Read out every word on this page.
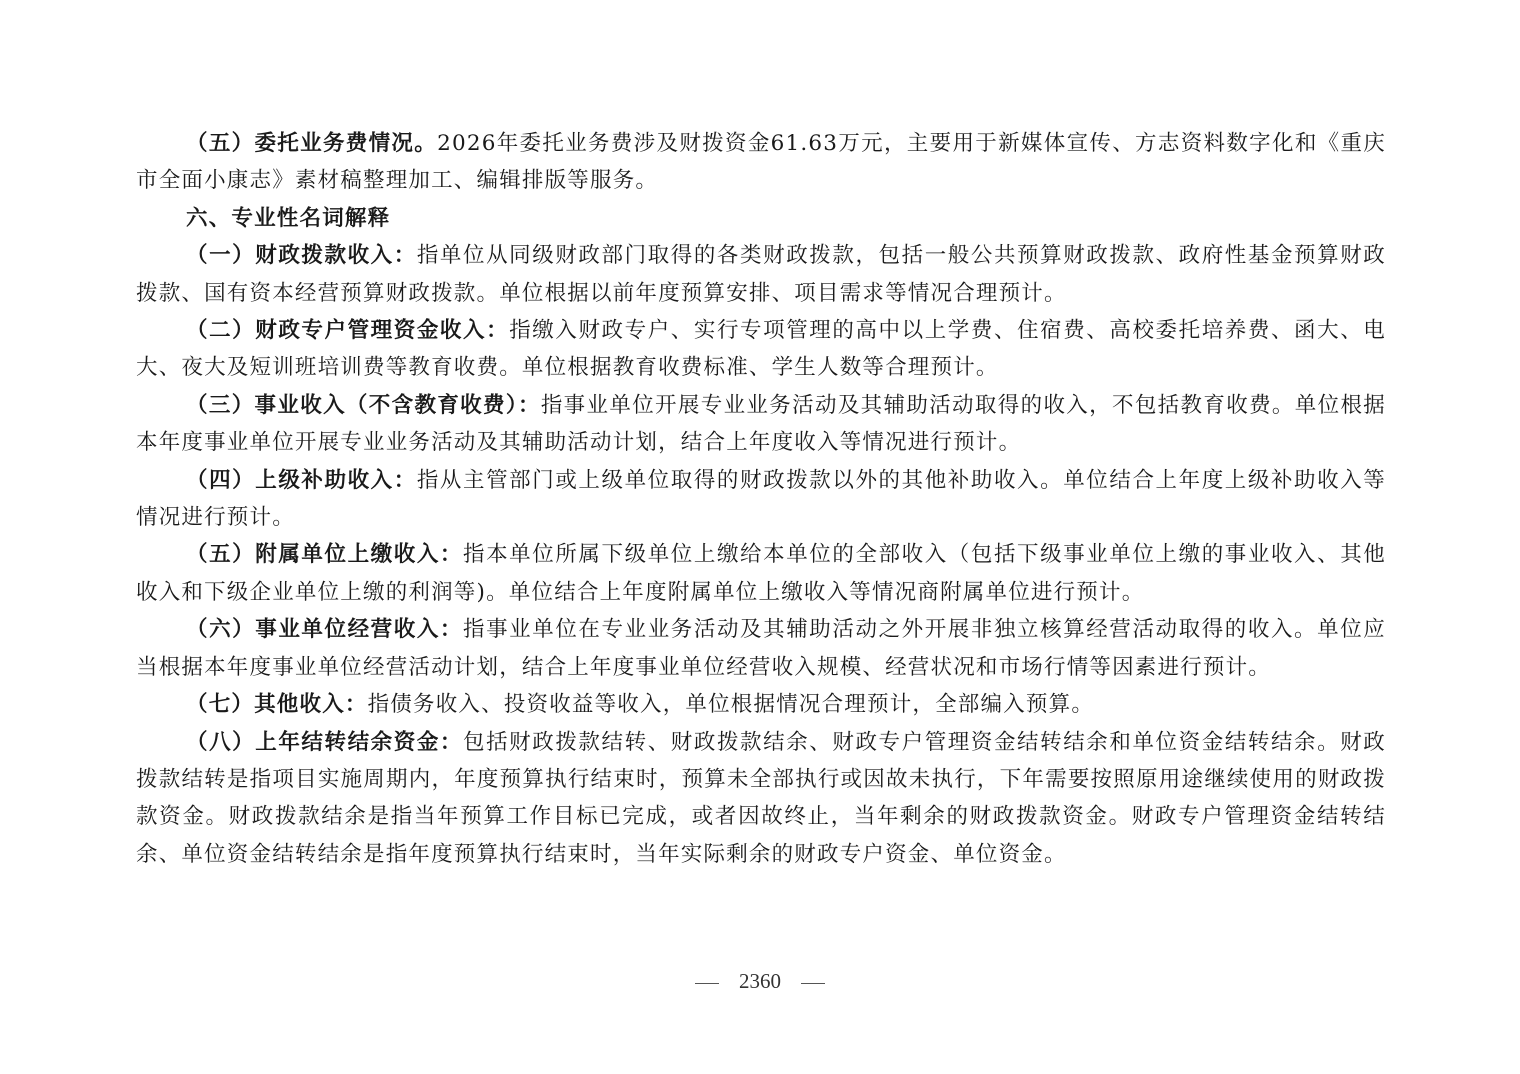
（五）委托业务费情况。2026年委托业务费涉及财拨资金61.63万元，主要用于新媒体宣传、方志资料数字化和《重庆市全面小康志》素材稿整理加工、编辑排版等服务。

六、专业性名词解释

（一）财政拨款收入：指单位从同级财政部门取得的各类财政拨款，包括一般公共预算财政拨款、政府性基金预算财政拨款、国有资本经营预算财政拨款。单位根据以前年度预算安排、项目需求等情况合理预计。

（二）财政专户管理资金收入：指缴入财政专户、实行专项管理的高中以上学费、住宿费、高校委托培养费、函大、电大、夜大及短训班培训费等教育收费。单位根据教育收费标准、学生人数等合理预计。

（三）事业收入（不含教育收费）：指事业单位开展专业业务活动及其辅助活动取得的收入，不包括教育收费。单位根据本年度事业单位开展专业业务活动及其辅助活动计划，结合上年度收入等情况进行预计。

（四）上级补助收入：指从主管部门或上级单位取得的财政拨款以外的其他补助收入。单位结合上年度上级补助收入等情况进行预计。

（五）附属单位上缴收入：指本单位所属下级单位上缴给本单位的全部收入（包括下级事业单位上缴的事业收入、其他收入和下级企业单位上缴的利润等)。单位结合上年度附属单位上缴收入等情况商附属单位进行预计。

（六）事业单位经营收入：指事业单位在专业业务活动及其辅助活动之外开展非独立核算经营活动取得的收入。单位应当根据本年度事业单位经营活动计划，结合上年度事业单位经营收入规模、经营状况和市场行情等因素进行预计。

（七）其他收入：指债务收入、投资收益等收入，单位根据情况合理预计，全部编入预算。

（八）上年结转结余资金：包括财政拨款结转、财政拨款结余、财政专户管理资金结转结余和单位资金结转结余。财政拨款结转是指项目实施周期内，年度预算执行结束时，预算未全部执行或因故未执行，下年需要按照原用途继续使用的财政拨款资金。财政拨款结余是指当年预算工作目标已完成，或者因故终止，当年剩余的财政拨款资金。财政专户管理资金结转结余、单位资金结转结余是指年度预算执行结束时，当年实际剩余的财政专户资金、单位资金。

2360
